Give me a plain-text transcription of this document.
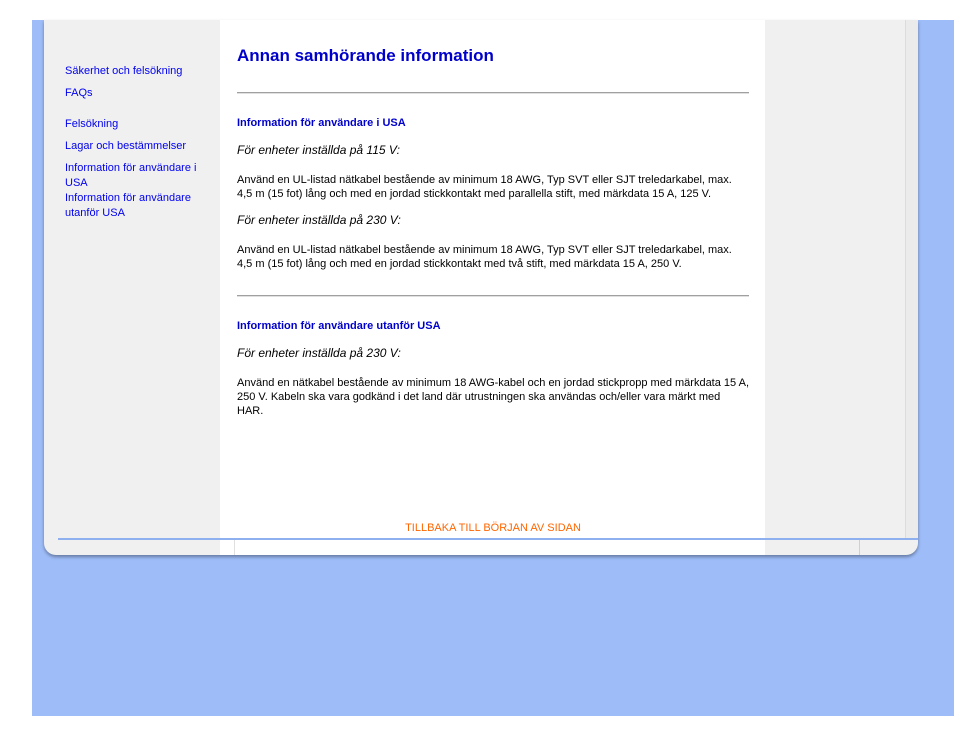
Säkerhet och felsökning
FAQs
Felsökning
Lagar och bestämmelser
Information för användare i USA
Information för användare utanför USA
Annan samhörande information
Information för användare i USA

För enheter inställda på 115 V:

Använd en UL-listad nätkabel bestående av minimum 18 AWG, Typ SVT eller SJT treledarkabel, max. 4,5 m (15 fot) lång och med en jordad stickkontakt med parallella stift, med märkdata 15 A, 125 V.

För enheter inställda på 230 V:

Använd en UL-listad nätkabel bestående av minimum 18 AWG, Typ SVT eller SJT treledarkabel, max. 4,5 m (15 fot) lång och med en jordad stickkontakt med två stift, med märkdata 15 A, 250 V.

Information för användare utanför USA

För enheter inställda på 230 V:

Använd en nätkabel bestående av minimum 18 AWG-kabel och en jordad stickpropp med märkdata 15 A, 250 V. Kabeln ska vara godkänd i det land där utrustningen ska användas och/eller vara märkt med HAR.

TILLBAKA TILL BÖRJAN AV SIDAN
